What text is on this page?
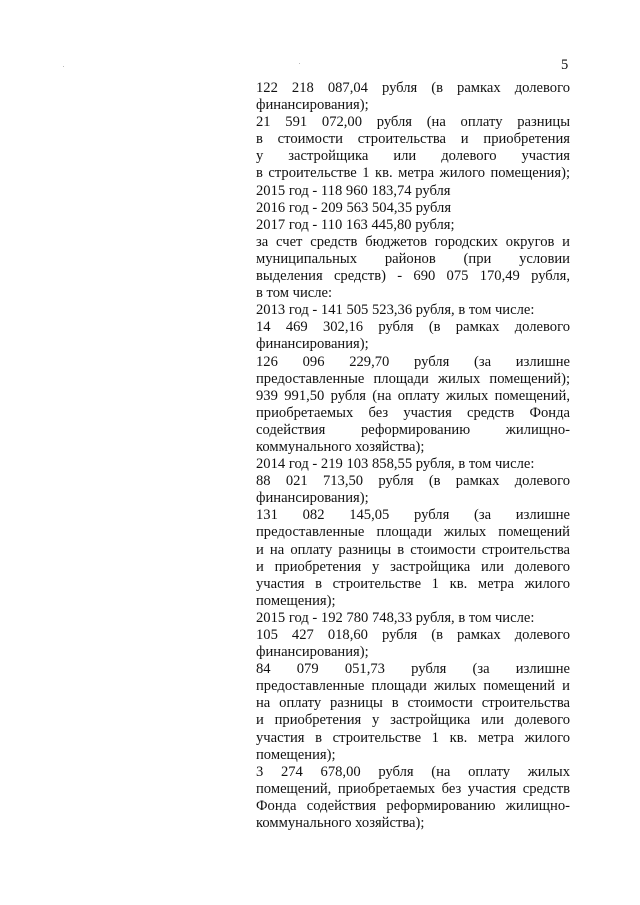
5
122 218 087,04 рубля (в рамках долевого
финансирования);
21 591 072,00 рубля (на оплату разницы
в стоимости строительства и приобретения
у застройщика или долевого участия
в строительстве 1 кв. метра жилого помещения);
2015 год - 118 960 183,74 рубля
2016 год - 209 563 504,35 рубля
2017 год - 110 163 445,80 рубля;
за счет средств бюджетов городских округов и
муниципальных районов (при условии
выделения средств) - 690 075 170,49 рубля,
в том числе:
2013 год - 141 505 523,36 рубля, в том числе:
14 469 302,16 рубля (в рамках долевого
финансирования);
126 096 229,70 рубля (за излишне
предоставленные площади жилых помещений);
939 991,50 рубля (на оплату жилых помещений,
приобретаемых без участия средств Фонда
содействия реформированию жилищно-
коммунального хозяйства);
2014 год - 219 103 858,55 рубля, в том числе:
88 021 713,50 рубля (в рамках долевого
финансирования);
131 082 145,05 рубля (за излишне
предоставленные площади жилых помещений
и на оплату разницы в стоимости строительства
и приобретения у застройщика или долевого
участия в строительстве 1 кв. метра жилого
помещения);
2015 год - 192 780 748,33 рубля, в том числе:
105 427 018,60 рубля (в рамках долевого
финансирования);
84 079 051,73 рубля (за излишне
предоставленные площади жилых помещений и
на оплату разницы в стоимости строительства
и приобретения у застройщика или долевого
участия в строительстве 1 кв. метра жилого
помещения);
3 274 678,00 рубля (на оплату жилых
помещений, приобретаемых без участия средств
Фонда содействия реформированию жилищно-
коммунального хозяйства);
